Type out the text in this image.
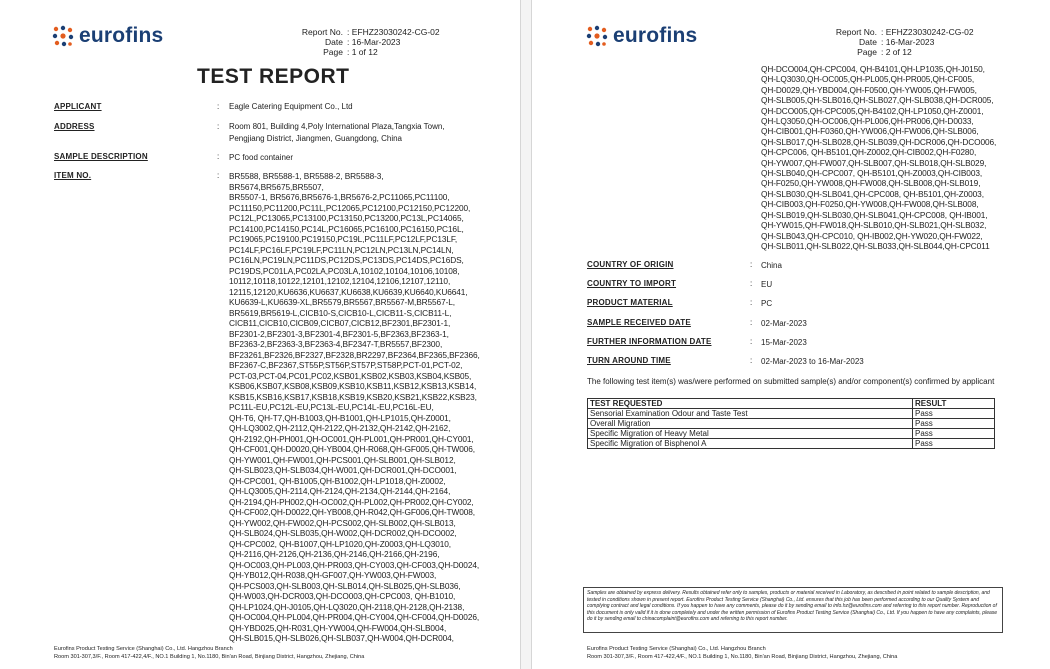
eurofins	Report No. : EFHZ23030242-CG-02
Date : 16-Mar-2023
Page : 1 of 12
TEST REPORT
APPLICANT	: Eagle Catering Equipment Co., Ltd
ADDRESS	: Room 801, Building 4,Poly International Plaza,Tangxia Town,
Pengjiang District, Jiangmen, Guangdong, China
SAMPLE DESCRIPTION	: PC food container
ITEM NO.	: BR5588, BR5588-1, BR5588-2, BR5588-3,
BR5674,BR5675,BR5507,
BR5507-1, BR5676,BR5676-1,BR5676-2,PC11065,PC11100,
PC11150,PC11200,PC11L,PC12065,PC12100,PC12150,PC12200,
PC12L,PC13065,PC13100,PC13150,PC13200,PC13L,PC14065,
PC14100,PC14150,PC14L,PC16065,PC16100,PC16150,PC16L,
PC19065,PC19100,PC19150,PC19L,PC11LF,PC12LF,PC13LF,
PC14LF,PC16LF,PC19LF,PC11LN,PC12LN,PC13LN,PC14LN,
PC16LN,PC19LN,PC11DS,PC12DS,PC13DS,PC14DS,PC16DS,
PC19DS,PC01LA,PC02LA,PC03LA,10102,10104,10106,10108,
10112,10118,10122,12101,12102,12104,12106,12107,12110,
12115,12120,KU6636,KU6637,KU6638,KU6639,KU6640,KU6641,
KU6639-L,KU6639-XL,BR5579,BR5567,BR5567-M,BR5567-L,
BR5619,BR5619-L,CICB10-S,CICB10-L,CICB11-S,CICB11-L,
CICB11,CICB10,CICB09,CICB07,CICB12,BF2301,BF2301-1,
BF2301-2,BF2301-3,BF2301-4,BF2301-5,BF2363,BF2363-1,
BF2363-2,BF2363-3,BF2363-4,BF2347-T,BR5557,BF2300,
BF23261,BF2326,BF2327,BF2328,BR2297,BF2364,BF2365,BF2366,
BF2367-C,BF2367,ST55P,ST56P,ST57P,ST58P,PCT-01,PCT-02,
PCT-03,PCT-04,PC01,PC02,KSB01,KSB02,KSB03,KSB04,KSB05,
KSB06,KSB07,KSB08,KSB09,KSB10,KSB11,KSB12,KSB13,KSB14,
KSB15,KSB16,KSB17,KSB18,KSB19,KSB20,KSB21,KSB22,KSB23,
PC11L-EU,PC12L-EU,PC13L-EU,PC14L-EU,PC16L-EU,
QH-T6, QH-T7,QH-B1003,QH-B1001,QH-LP1015,QH-Z0001,
QH-LQ3002,QH-2112,QH-2122,QH-2132,QH-2142,QH-2162,
QH-2192,QH-PH001,QH-OC001,QH-PL001,QH-PR001,QH-CY001,
QH-CF001,QH-D0020,QH-YB004,QH-R068,QH-GF005,QH-TW006,
QH-YW001,QH-FW001,QH-PCS001,QH-SLB001,QH-SLB012,
QH-SLB023,QH-SLB034,QH-W001,QH-DCR001,QH-DCO001,
QH-CPC001, QH-B1005,QH-B1002,QH-LP1018,QH-Z0002,
QH-LQ3005,QH-2114,QH-2124,QH-2134,QH-2144,QH-2164,
QH-2194,QH-PH002,QH-OC002,QH-PL002,QH-PR002,QH-CY002,
QH-CF002,QH-D0022,QH-YB008,QH-R042,QH-GF006,QH-TW008,
QH-YW002,QH-FW002,QH-PCS002,QH-SLB002,QH-SLB013,
QH-SLB024,QH-SLB035,QH-W002,QH-DCR002,QH-DCO002,
QH-CPC002, QH-B1007,QH-LP1020,QH-Z0003,QH-LQ3010,
QH-2116,QH-2126,QH-2136,QH-2146,QH-2166,QH-2196,
QH-OC003,QH-PL003,QH-PR003,QH-CY003,QH-CF003,QH-D0024,
QH-YB012,QH-R038,QH-GF007,QH-YW003,QH-FW003,
QH-PCS003,QH-SLB003,QH-SLB014,QH-SLB025,QH-SLB036,
QH-W003,QH-DCR003,QH-DCO003,QH-CPC003, QH-B1010,
QH-LP1024,QH-J0105,QH-LQ3020,QH-2118,QH-2128,QH-2138,
QH-OC004,QH-PL004,QH-PR004,QH-CY004,QH-CF004,QH-D0026,
QH-YBD025,QH-R031,QH-YW004,QH-FW004,QH-SLB004,
QH-SLB015,QH-SLB026,QH-SLB037,QH-W004,QH-DCR004,
Eurofins Product Testing Service (Shanghai) Co., Ltd. Hangzhou Branch
Room 301-307,3/F., Room 417-422,4/F., NO.1 Building 1, No.1180, Bin'an Road, Binjiang District, Hangzhou, Zhejiang, China
eurofins	Report No. : EFHZ23030242-CG-02
Date : 16-Mar-2023
Page : 2 of 12
QH-DCO004,QH-CPC004, QH-B4101,QH-LP1035,QH-J0150,
QH-LQ3030,QH-OC005,QH-PL005,QH-PR005,QH-CF005,
QH-D0029,QH-YBD004,QH-F0500,QH-YW005,QH-FW005,
QH-SLB005,QH-SLB016,QH-SLB027,QH-SLB038,QH-DCR005,
QH-DCO005,QH-CPC005,QH-B4102,QH-LP1050,QH-Z0001,
QH-LQ3050,QH-OC006,QH-PL006,QH-PR006,QH-D0033,
QH-CIB001,QH-F0360,QH-YW006,QH-FW006,QH-SLB006,
QH-SLB017,QH-SLB028,QH-SLB039,QH-DCR006,QH-DCO006,
QH-CPC006, QH-B5101,QH-Z0002,QH-CIB002,QH-F0280,
QH-YW007,QH-FW007,QH-SLB007,QH-SLB018,QH-SLB029,
QH-SLB040,QH-CPC007, QH-B5101,QH-Z0003,QH-CIB003,
QH-F0250,QH-YW008,QH-FW008,QH-SLB008,QH-SLB019,
QH-SLB030,QH-SLB041,QH-CPC008, QH-B5101,QH-Z0003,
QH-CIB003,QH-F0250,QH-YW008,QH-FW008,QH-SLB008,
QH-SLB019,QH-SLB030,QH-SLB041,QH-CPC008, QH-IB001,
QH-YW015,QH-FW018,QH-SLB010,QH-SLB021,QH-SLB032,
QH-SLB043,QH-CPC010, QH-IB002,QH-YW020,QH-FW022,
QH-SLB011,QH-SLB022,QH-SLB033,QH-SLB044,QH-CPC011
COUNTRY OF ORIGIN	: China
COUNTRY TO IMPORT	: EU
PRODUCT MATERIAL	: PC
SAMPLE RECEIVED DATE	: 02-Mar-2023
FURTHER INFORMATION DATE	: 15-Mar-2023
TURN AROUND TIME	: 02-Mar-2023 to 16-Mar-2023
The following test item(s) was/were performed on submitted sample(s) and/or component(s) confirmed by applicant
TEST REQUESTED	RESULT
Sensorial Examination Odour and Taste Test	Pass
Overall Migration	Pass
Specific Migration of Heavy Metal	Pass
Specific Migration of Bisphenol A	Pass
Samples are obtained by express delivery. Results obtained refer only to samples, products or material received in Laboratory, as described in point related to sample description, and tested in conditions shown in present report. Eurofins Product Testing Service (Shanghai) Co., Ltd. ensures that this job has been performed according to our Quality System and complying contract and legal conditions. If you happen to have any comments, please do it by sending email to info.hz@eurofins.com and referring to this report number. Reproduction of this document is only valid if it is done completely and under the written permission of Eurofins Product Testing Service (Shanghai) Co., Ltd. If you happen to have any complaints, please do it by sending email to chinacomplaint@eurofins.com and referring to this report number.
Eurofins Product Testing Service (Shanghai) Co., Ltd. Hangzhou Branch
Room 301-307,3/F., Room 417-422,4/F., NO.1 Building 1, No.1180, Bin'an Road, Binjiang District, Hangzhou, Zhejiang, China
